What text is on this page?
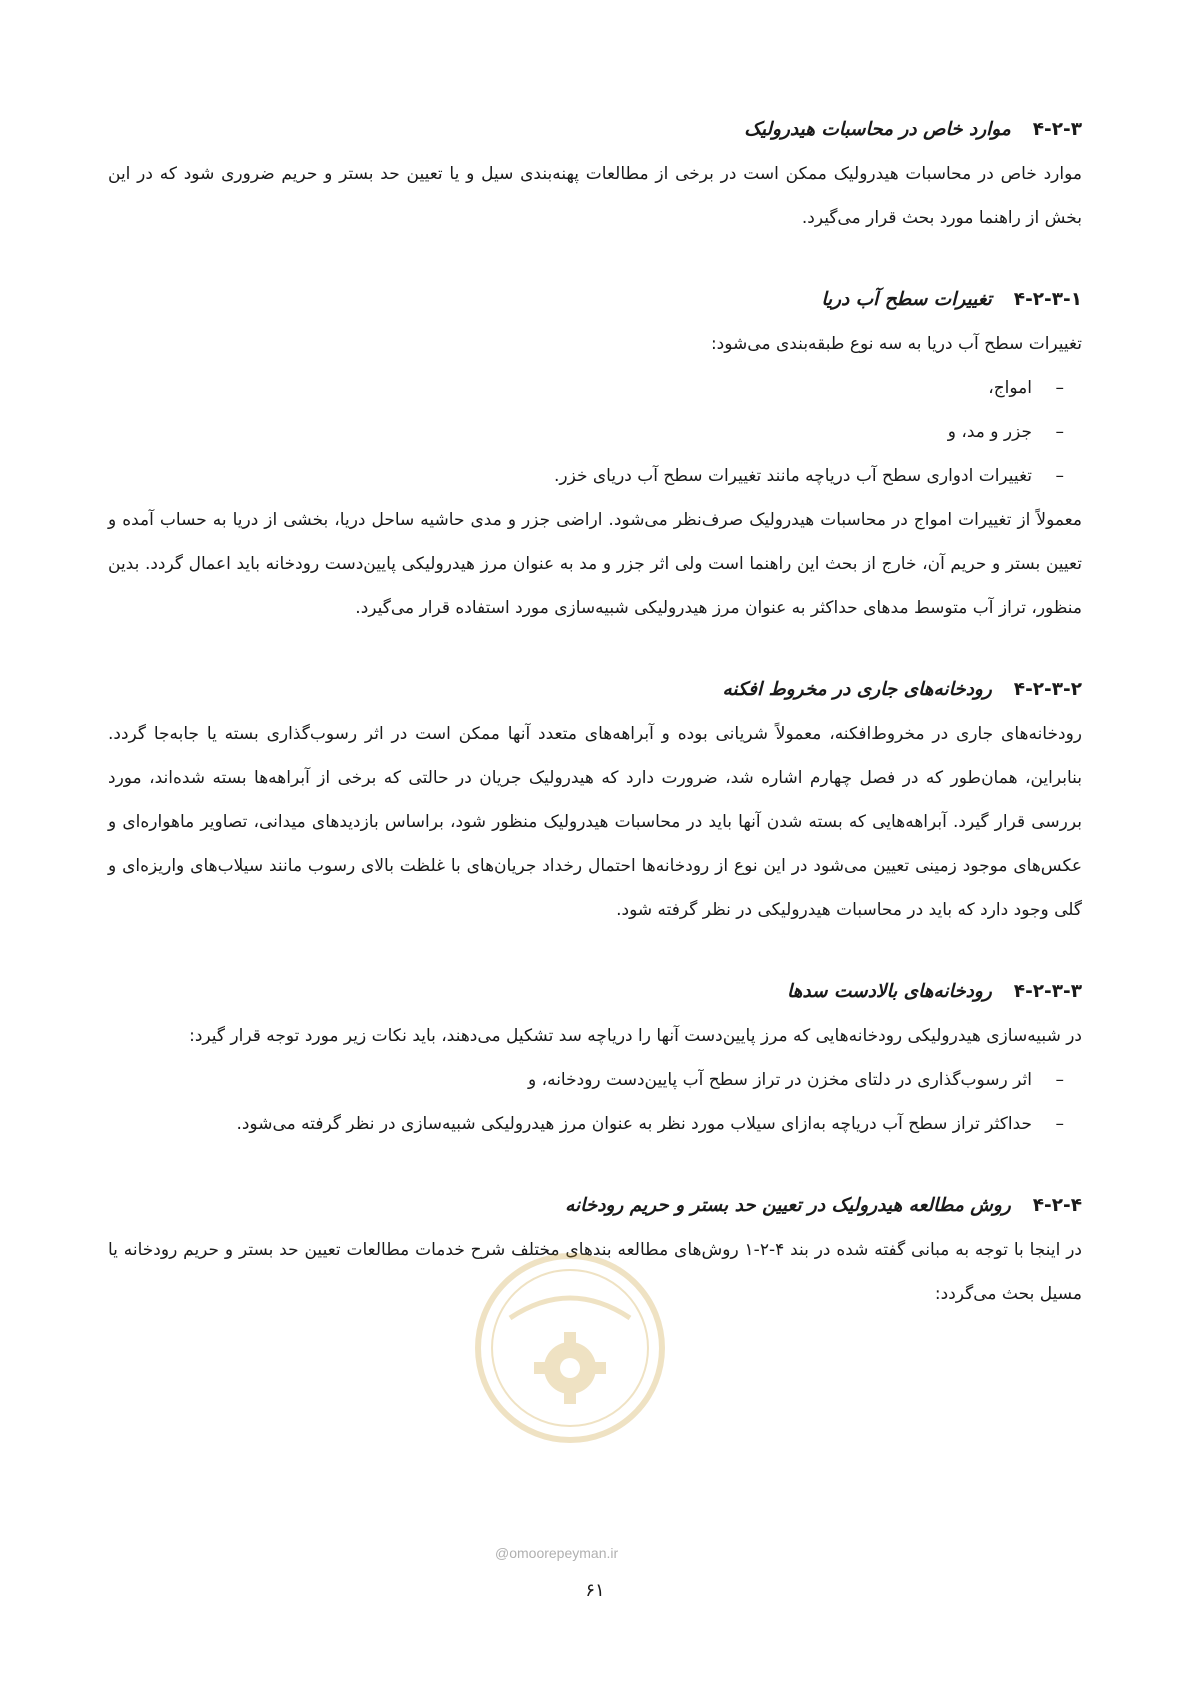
۴-۲-۳موارد خاص در محاسبات هیدرولیک

موارد خاص در محاسبات هیدرولیک ممکن است در برخی از مطالعات پهنه‌بندی سیل و یا تعیین حد بستر و حریم ضروری شود که در این بخش از راهنما مورد بحث قرار می‌گیرد.

۴-۲-۳-۱تغییرات سطح آب دریا

تغییرات سطح آب دریا به سه نوع طبقه‌بندی می‌شود:

– امواج،
– جزر و مد، و
– تغییرات ادواری سطح آب دریاچه مانند تغییرات سطح آب دریای خزر.

معمولاً از تغییرات امواج در محاسبات هیدرولیک صرف‌نظر می‌شود. اراضی جزر و مدی حاشیه ساحل دریا، بخشی از دریا به حساب آمده و تعیین بستر و حریم آن، خارج از بحث این راهنما است ولی اثر جزر و مد به عنوان مرز هیدرولیکی پایین‌دست رودخانه باید اعمال گردد. بدین منظور، تراز آب متوسط مدهای حداکثر به عنوان مرز هیدرولیکی شبیه‌سازی مورد استفاده قرار می‌گیرد.

۴-۲-۳-۲رودخانه‌های جاری در مخروط افکنه

رودخانه‌های جاری در مخروط‌افکنه، معمولاً شریانی بوده و آبراهه‌های متعدد آنها ممکن است در اثر رسوب‌گذاری بسته یا جابه‌جا گردد. بنابراین، همان‌طور که در فصل چهارم اشاره شد، ضرورت دارد که هیدرولیک جریان در حالتی که برخی از آبراهه‌ها بسته شده‌اند، مورد بررسی قرار گیرد. آبراهه‌هایی که بسته شدن آنها باید در محاسبات هیدرولیک منظور شود، براساس بازدیدهای میدانی، تصاویر ماهواره‌ای و عکس‌های موجود زمینی تعیین می‌شود در این نوع از رودخانه‌ها احتمال رخداد جریان‌های با غلظت بالای رسوب مانند سیلاب‌های واریزه‌ای و گلی وجود دارد که باید در محاسبات هیدرولیکی در نظر گرفته شود.

۴-۲-۳-۳رودخانه‌های بالادست سدها

در شبیه‌سازی هیدرولیکی رودخانه‌هایی که مرز پایین‌دست آنها را دریاچه سد تشکیل می‌دهند، باید نکات زیر مورد توجه قرار گیرد:

– اثر رسوب‌گذاری در دلتای مخزن در تراز سطح آب پایین‌دست رودخانه، و
– حداکثر تراز سطح آب دریاچه به‌ازای سیلاب مورد نظر به عنوان مرز هیدرولیکی شبیه‌سازی در نظر گرفته می‌شود.
۴-۲-۴روش مطالعه هیدرولیک در تعیین حد بستر و حریم رودخانه

در اینجا با توجه به مبانی گفته شده در بند ۴-۲-۱ روش‌های مطالعه بندهای مختلف شرح خدمات مطالعات تعیین حد بستر و حریم رودخانه یا مسیل بحث می‌گردد:

@omoorepeyman.ir
۶۱
